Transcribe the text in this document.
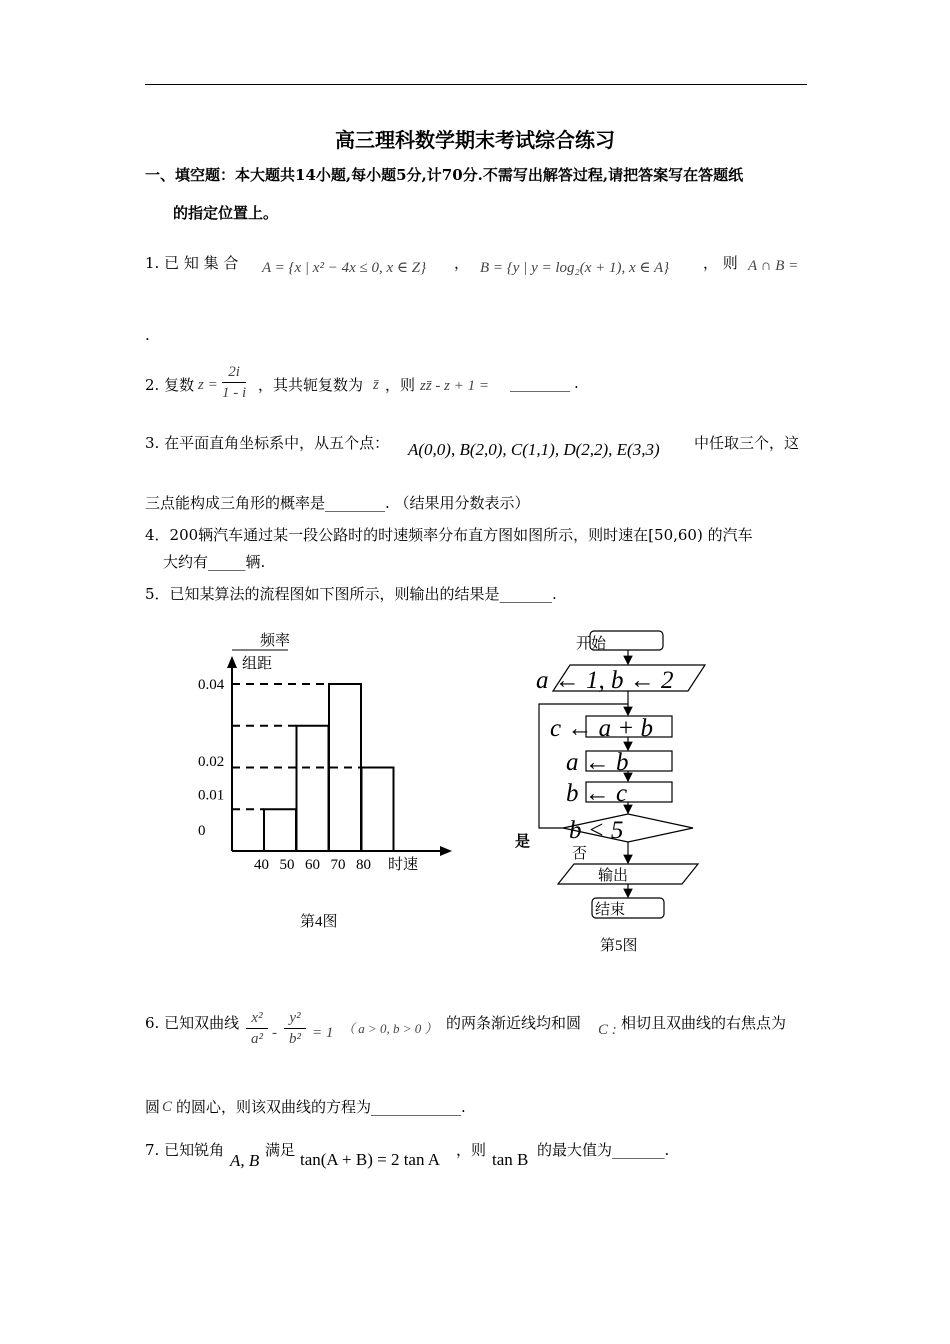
高三理科数学期末考试综合练习
一、填空题：本大题共14小题,每小题5分,计70分.不需写出解答过程,请把答案写在答题纸
的指定位置上。
1. 已 知 集 合 A = {x | x² − 4x ≤ 0, x ∈ Z} ， B = {y | y = log₂(x + 1), x ∈ A} ， 则 A ∩ B =
.
2. 复数 $z = \frac{2i}{1 - i}$ ，其共轭复数为 z̄ ，则 zz̄ - z + 1 = ________ .
3. 在平面直角坐标系中，从五个点： A(0,0), B(2,0), C(1,1), D(2,2), E(3,3) 中任取三个，这
三点能构成三角形的概率是________. （结果用分数表示）
4．200辆汽车通过某一段公路时的时速频率分布直方图如图所示，则时速在[50,60) 的汽车
大约有_____辆.
5．已知某算法的流程图如下图所示，则输出的结果是_______.
频率
组距
0.04
0.02
0.01
0
40 50 60 70 80 时速
第4图
开始
a ← 1, b ← 2
c ← a + b
a ← b
b ← c
b < 5
是
否
输出
结束
第5图
6. 已知双曲线 $\frac{\text{x²}}{\text{a²}} - \frac{\text{y²}}{\text{b²}} = 1$ （ a > 0, b > 0 ） 的两条渐近线均和圆 C : 相切且双曲线的右焦点为
圆 C 的圆心，则该双曲线的方程为____________.
7. 已知锐角
A, B
满足 tan(A + B) = 2 tan A ，则 tan B 的最大值为_______.
